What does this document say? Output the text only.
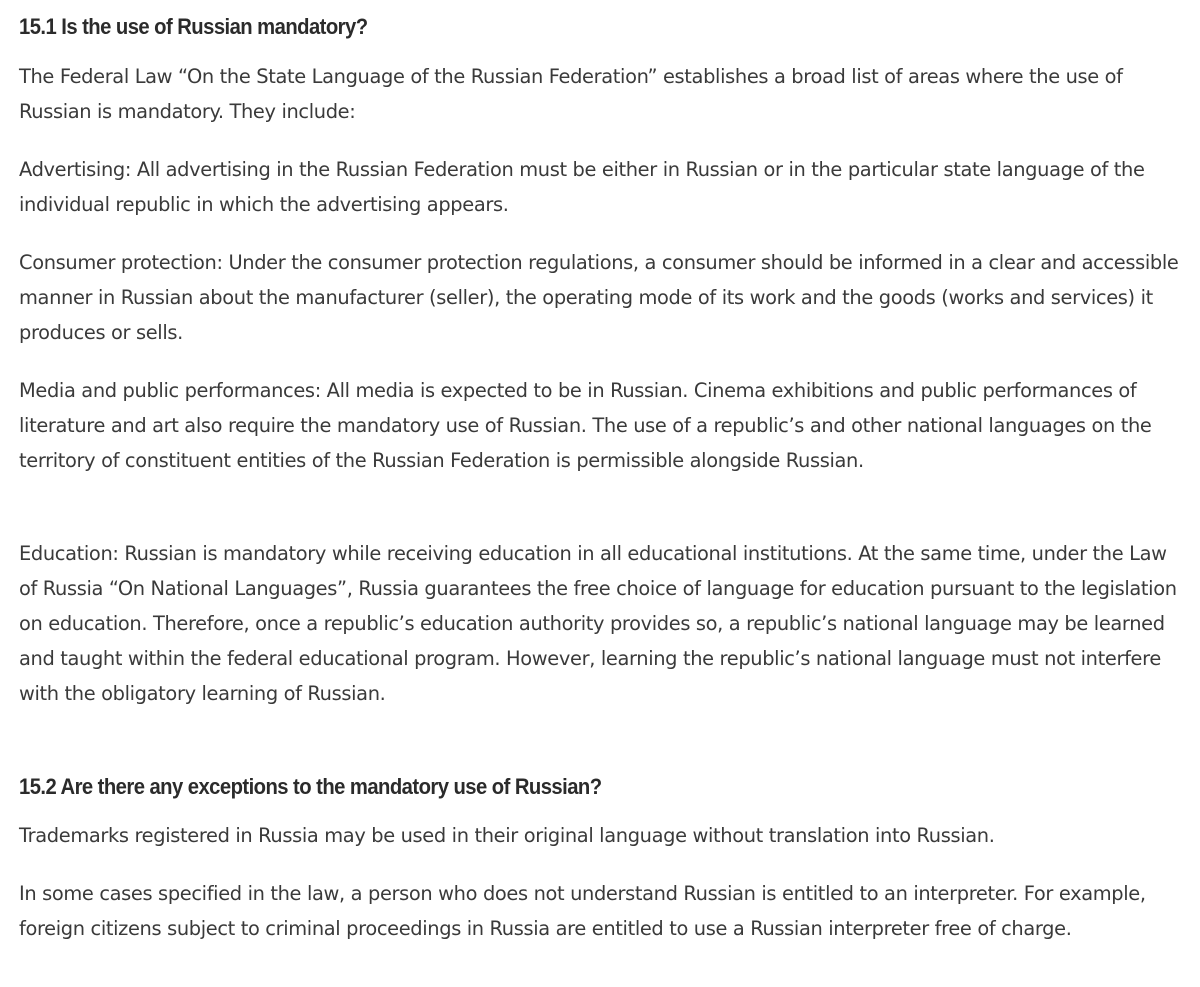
15.1 Is the use of Russian mandatory?

The Federal Law “On the State Language of the Russian Federation” establishes a broad list of areas where the use of Russian is mandatory. They include:

Advertising: All advertising in the Russian Federation must be either in Russian or in the particular state language of the individual republic in which the advertising appears.

Consumer protection: Under the consumer protection regulations, a consumer should be informed in a clear and accessible manner in Russian about the manufacturer (seller), the operating mode of its work and the goods (works and services) it produces or sells.

Media and public performances: All media is expected to be in Russian. Cinema exhibitions and public performances of literature and art also require the mandatory use of Russian. The use of a republic’s and other national languages on the territory of constituent entities of the Russian Federation is permissible alongside Russian.

Education: Russian is mandatory while receiving education in all educational institutions. At the same time, under the Law of Russia “On National Languages”, Russia guarantees the free choice of language for education pursuant to the legislation on education. Therefore, once a republic’s education authority provides so, a republic’s national language may be learned and taught within the federal educational program. However, learning the republic’s national language must not interfere with the obligatory learning of Russian.

15.2 Are there any exceptions to the mandatory use of Russian?

Trademarks registered in Russia may be used in their original language without translation into Russian.

In some cases specified in the law, a person who does not understand Russian is entitled to an interpreter. For example, foreign citizens subject to criminal proceedings in Russia are entitled to use a Russian interpreter free of charge.
